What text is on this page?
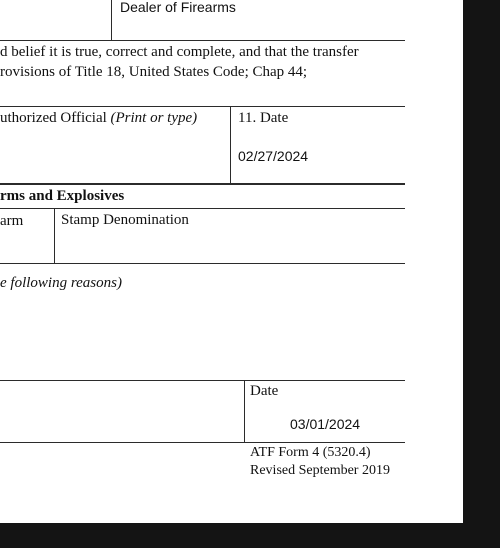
Dealer of Firearms
d belief it is true, correct and complete, and that the transfer
rovisions of Title 18, United States Code; Chap 44;
uthorized Official (Print or type)	11. Date
02/27/2024
rms and Explosives
arm	Stamp Denomination
e following reasons)
Date
03/01/2024
ATF Form 4 (5320.4)
Revised September 2019
